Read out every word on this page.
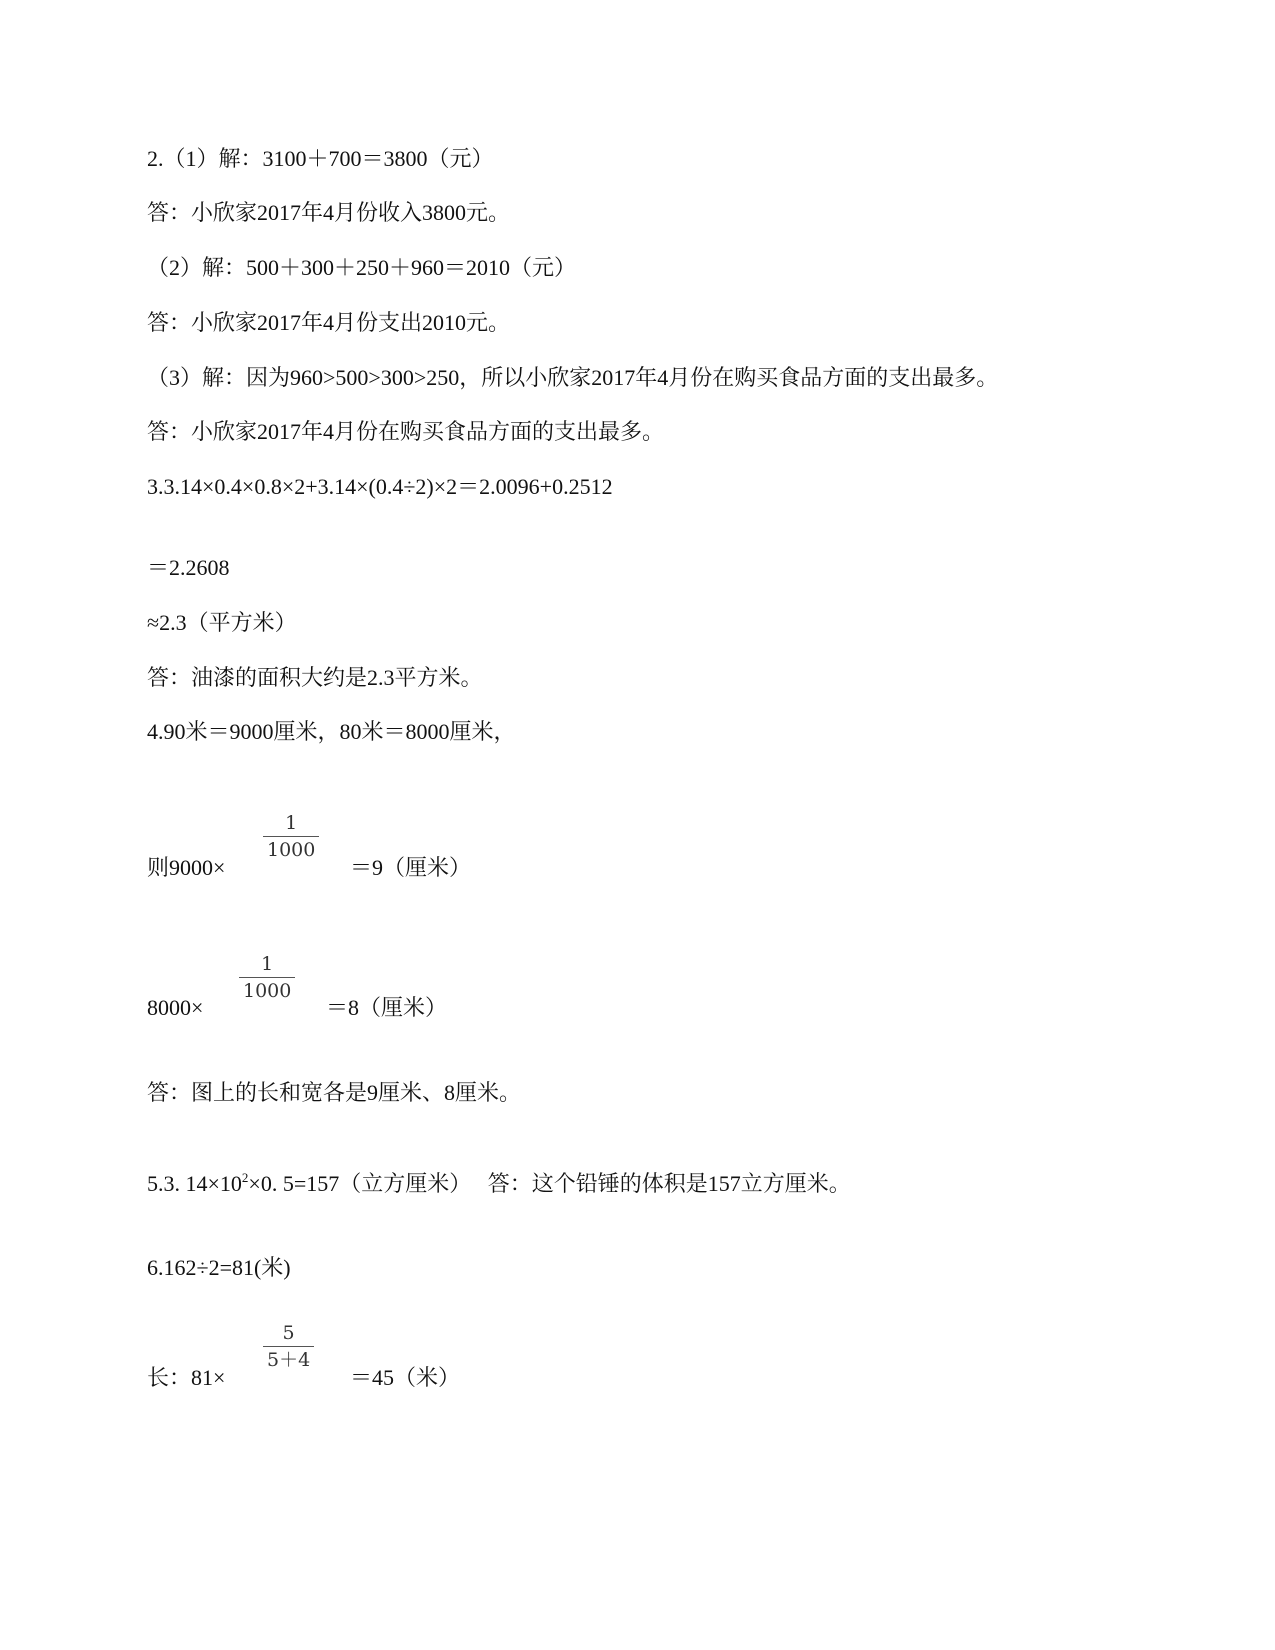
2.（1）解：3100＋700＝3800（元）
答：小欣家2017年4月份收入3800元。
（2）解：500＋300＋250＋960＝2010（元）
答：小欣家2017年4月份支出2010元。
（3）解：因为960>500>300>250，所以小欣家2017年4月份在购买食品方面的支出最多。
答：小欣家2017年4月份在购买食品方面的支出最多。
3.3.14×0.4×0.8×2+3.14×(0.4÷2)×2＝2.0096+0.2512
＝2.2608
≈2.3（平方米）
答：油漆的面积大约是2.3平方米。
4.90米＝9000厘米，80米＝8000厘米，
则9000×
$\frac{1}{1000}$
＝9（厘米）
8000×
$\frac{1}{1000}$
＝8（厘米）
答：图上的长和宽各是9厘米、8厘米。
5.3. $14\times 10^2\times 0$. 5=157（立方厘米）　 答：这个铅锤的体积是157立方厘米。
6.162÷2=81(米)
长：81×
$\frac{5}{5+4}$
＝45（米）
